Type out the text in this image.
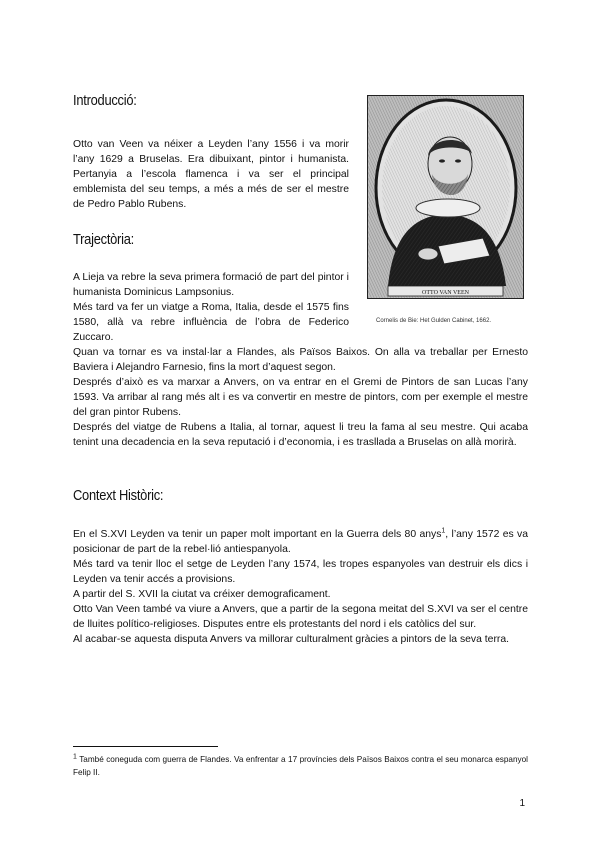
Introducció:

Otto van Veen va néixer a Leyden l’any 1556 i va morir l’any 1629 a Bruselas. Era dibuixant, pintor i humanista. Pertanyia a l’escola flamenca i va ser el principal emblemista del seu temps, a més a més de ser el mestre de Pedro Pablo Rubens.

Trajectòria:

A Lieja va rebre la seva primera formació de part del pintor i humanista Dominicus Lampsonius.

Més tard va fer un viatge a Roma, Italia, desde el 1575 fins 1580, allà va rebre influència de l’obra de Federico Zuccaro.

Quan va tornar es va instal·lar a Flandes, als Països Baixos. On alla va treballar per Ernesto Baviera i Alejandro Farnesio, fins la mort d’aquest segon.

Després d’això es va marxar a Anvers, on va entrar en el Gremi de Pintors de san Lucas l’any 1593. Va arribar al rang més alt i es va convertir en mestre de pintors, com per exemple el mestre del gran pintor Rubens.

Després del viatge de Rubens a Italia, al tornar, aquest li treu la fama al seu mestre. Qui acaba tenint una decadencia en la seva reputació i d’economia, i es traslladа a Bruselas on allà morirà.

Context Històric:

En el S.XVI Leyden va tenir un paper molt important en la Guerra dels 80 anys$^1$, l’any 1572 es va posicionar de part de la rebel·lió antiespanyola.

Més tard va tenir lloc el setge de Leyden l’any 1574, les tropes espanyoles van destruir els dics i Leyden va tenir accés a provisions.

A partir del S. XVII la ciutat va créixer demograficament.

Otto Van Veen també va viure a Anvers, que a partir de la segona meitat del S.XVI va ser el centre de lluites político-religioses. Disputes entre els protestants del nord i els catòlics del sur.

Al acabar-se aquesta disputa Anvers va millorar culturalment gràcies a pintors de la seva terra.

OTTO VAN VEEN
Cornelis de Bie: Het Gulden Cabinet, 1662.
$^1$ També coneguda com guerra de Flandes. Va enfrentar a 17 províncies dels Països Baixos contra el seu monarca espanyol Felip II.
1
